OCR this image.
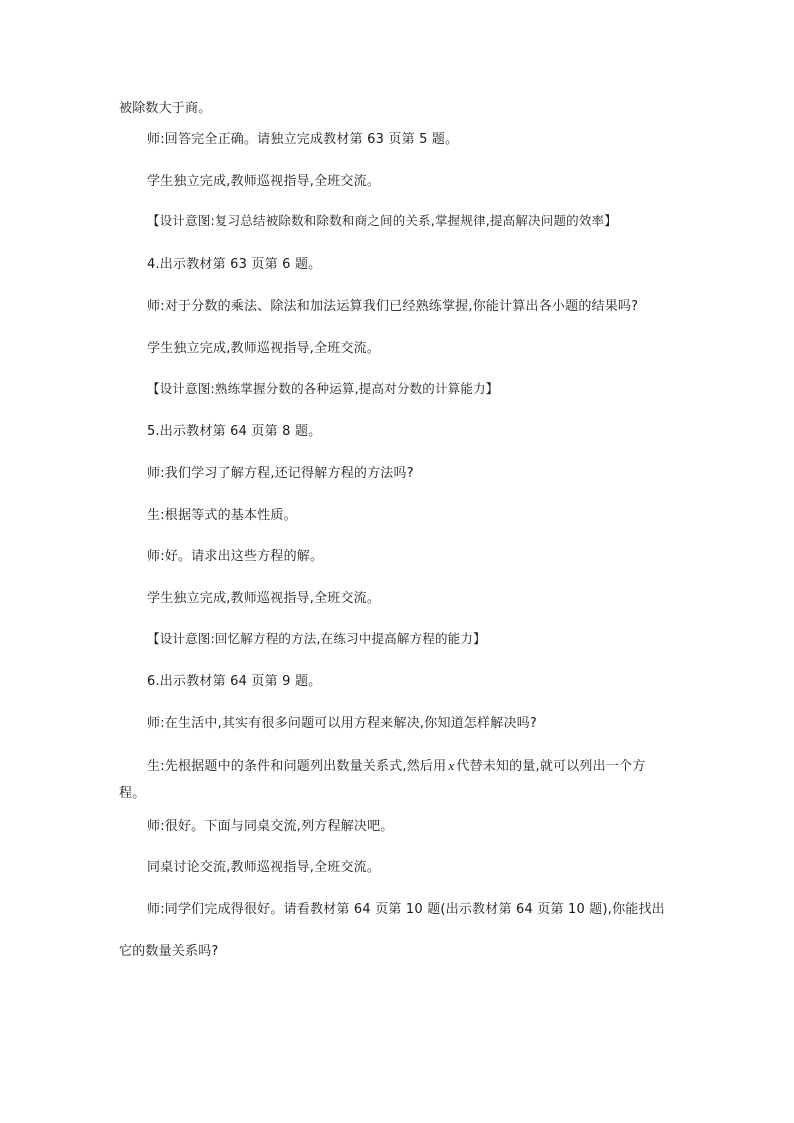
被除数大于商。
师:回答完全正确。请独立完成教材第 63 页第 5 题。
学生独立完成,教师巡视指导,全班交流。
【设计意图:复习总结被除数和除数和商之间的关系,掌握规律,提高解决问题的效率】
4.出示教材第 63 页第 6 题。
师:对于分数的乘法、除法和加法运算我们已经熟练掌握,你能计算出各小题的结果吗?
学生独立完成,教师巡视指导,全班交流。
【设计意图:熟练掌握分数的各种运算,提高对分数的计算能力】
5.出示教材第 64 页第 8 题。
师:我们学习了解方程,还记得解方程的方法吗?
生:根据等式的基本性质。
师:好。请求出这些方程的解。
学生独立完成,教师巡视指导,全班交流。
【设计意图:回忆解方程的方法,在练习中提高解方程的能力】
6.出示教材第 64 页第 9 题。
师:在生活中,其实有很多问题可以用方程来解决,你知道怎样解决吗?
生:先根据题中的条件和问题列出数量关系式,然后用 x 代替未知的量,就可以列出一个方
程。
师:很好。下面与同桌交流,列方程解决吧。
同桌讨论交流,教师巡视指导,全班交流。
师:同学们完成得很好。请看教材第 64 页第 10 题(出示教材第 64 页第 10 题),你能找出
它的数量关系吗?
